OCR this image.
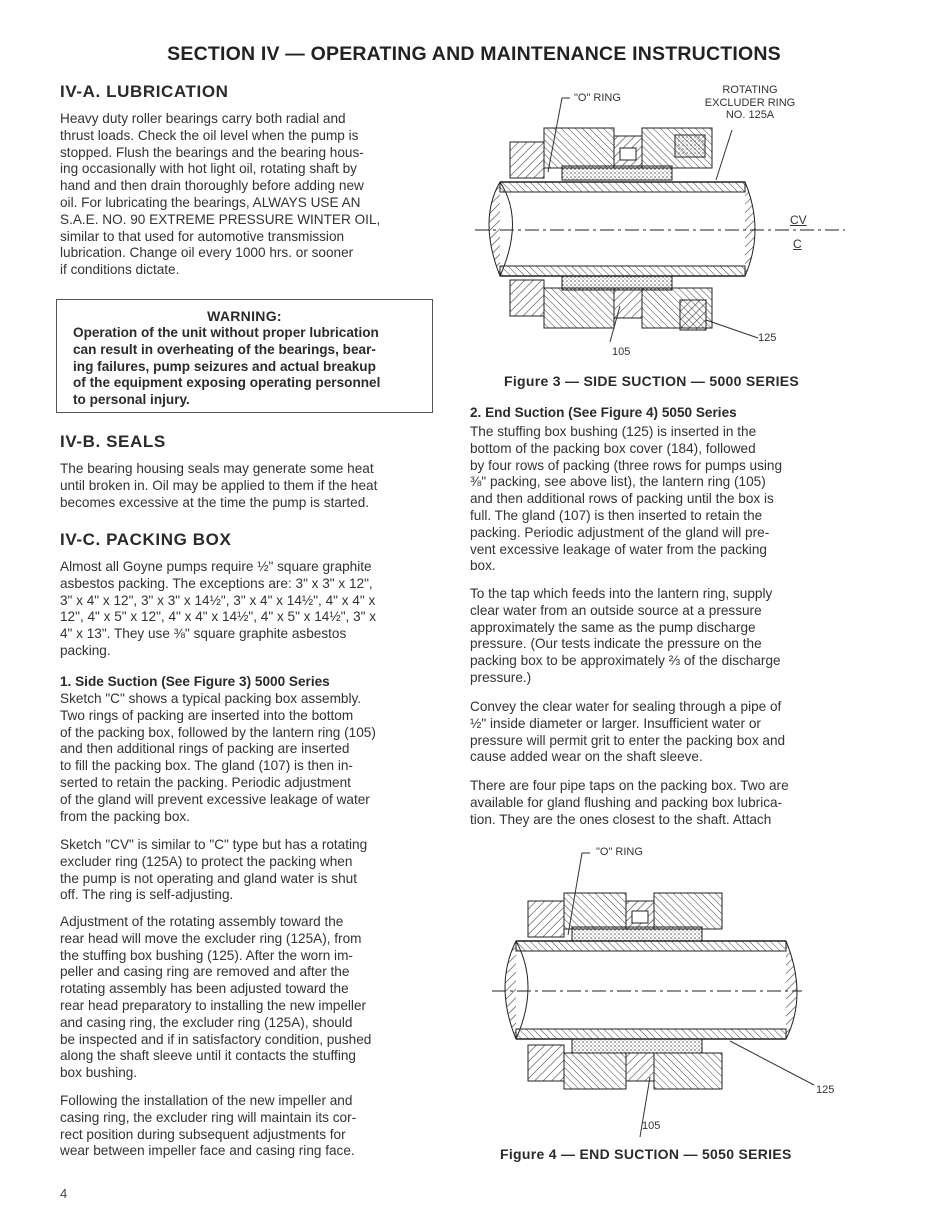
SECTION IV — OPERATING AND MAINTENANCE INSTRUCTIONS
IV-A. LUBRICATION
Heavy duty roller bearings carry both radial and
thrust loads. Check the oil level when the pump is
stopped. Flush the bearings and the bearing hous-
ing occasionally with hot light oil, rotating shaft by
hand and then drain thoroughly before adding new
oil. For lubricating the bearings, ALWAYS USE AN
S.A.E. NO. 90 EXTREME PRESSURE WINTER OIL,
similar to that used for automotive transmission
lubrication. Change oil every 1000 hrs. or sooner
if conditions dictate.
WARNING:
Operation of the unit without proper lubrication
can result in overheating of the bearings, bear-
ing failures, pump seizures and actual breakup
of the equipment exposing operating personnel
to personal injury.
IV-B. SEALS
The bearing housing seals may generate some heat
until broken in. Oil may be applied to them if the heat
becomes excessive at the time the pump is started.
IV-C. PACKING BOX
Almost all Goyne pumps require ½" square graphite
asbestos packing. The exceptions are: 3" x 3" x 12",
3" x 4" x 12", 3" x 3" x 14½", 3" x 4" x 14½", 4" x 4" x
12", 4" x 5" x 12", 4" x 4" x 14½", 4" x 5" x 14½", 3" x
4" x 13". They use ⅜" square graphite asbestos
packing.
1. Side Suction (See Figure 3) 5000 Series
Sketch "C" shows a typical packing box assembly.
Two rings of packing are inserted into the bottom
of the packing box, followed by the lantern ring (105)
and then additional rings of packing are inserted
to fill the packing box. The gland (107) is then in-
serted to retain the packing. Periodic adjustment
of the gland will prevent excessive leakage of water
from the packing box.
Sketch "CV" is similar to "C" type but has a rotating
excluder ring (125A) to protect the packing when
the pump is not operating and gland water is shut
off. The ring is self-adjusting.
Adjustment of the rotating assembly toward the
rear head will move the excluder ring (125A), from
the stuffing box bushing (125). After the worn im-
peller and casing ring are removed and after the
rotating assembly has been adjusted toward the
rear head preparatory to installing the new impeller
and casing ring, the excluder ring (125A), should
be inspected and if in satisfactory condition, pushed
along the shaft sleeve until it contacts the stuffing
box bushing.
Following the installation of the new impeller and
casing ring, the excluder ring will maintain its cor-
rect position during subsequent adjustments for
wear between impeller face and casing ring face.
4
"O" RING
ROTATING
EXCLUDER RING
NO. 125A
CV
C
125
105
Figure 3 — SIDE SUCTION — 5000 SERIES
2. End Suction (See Figure 4) 5050 Series
The stuffing box bushing (125) is inserted in the
bottom of the packing box cover (184), followed
by four rows of packing (three rows for pumps using
⅜" packing, see above list), the lantern ring (105)
and then additional rows of packing until the box is
full. The gland (107) is then inserted to retain the
packing. Periodic adjustment of the gland will pre-
vent excessive leakage of water from the packing
box.
To the tap which feeds into the lantern ring, supply
clear water from an outside source at a pressure
approximately the same as the pump discharge
pressure. (Our tests indicate the pressure on the
packing box to be approximately ⅔ of the discharge
pressure.)
Convey the clear water for sealing through a pipe of
½" inside diameter or larger. Insufficient water or
pressure will permit grit to enter the packing box and
cause added wear on the shaft sleeve.
There are four pipe taps on the packing box. Two are
available for gland flushing and packing box lubrica-
tion. They are the ones closest to the shaft. Attach
"O" RING
125
105
Figure 4 — END SUCTION — 5050 SERIES
